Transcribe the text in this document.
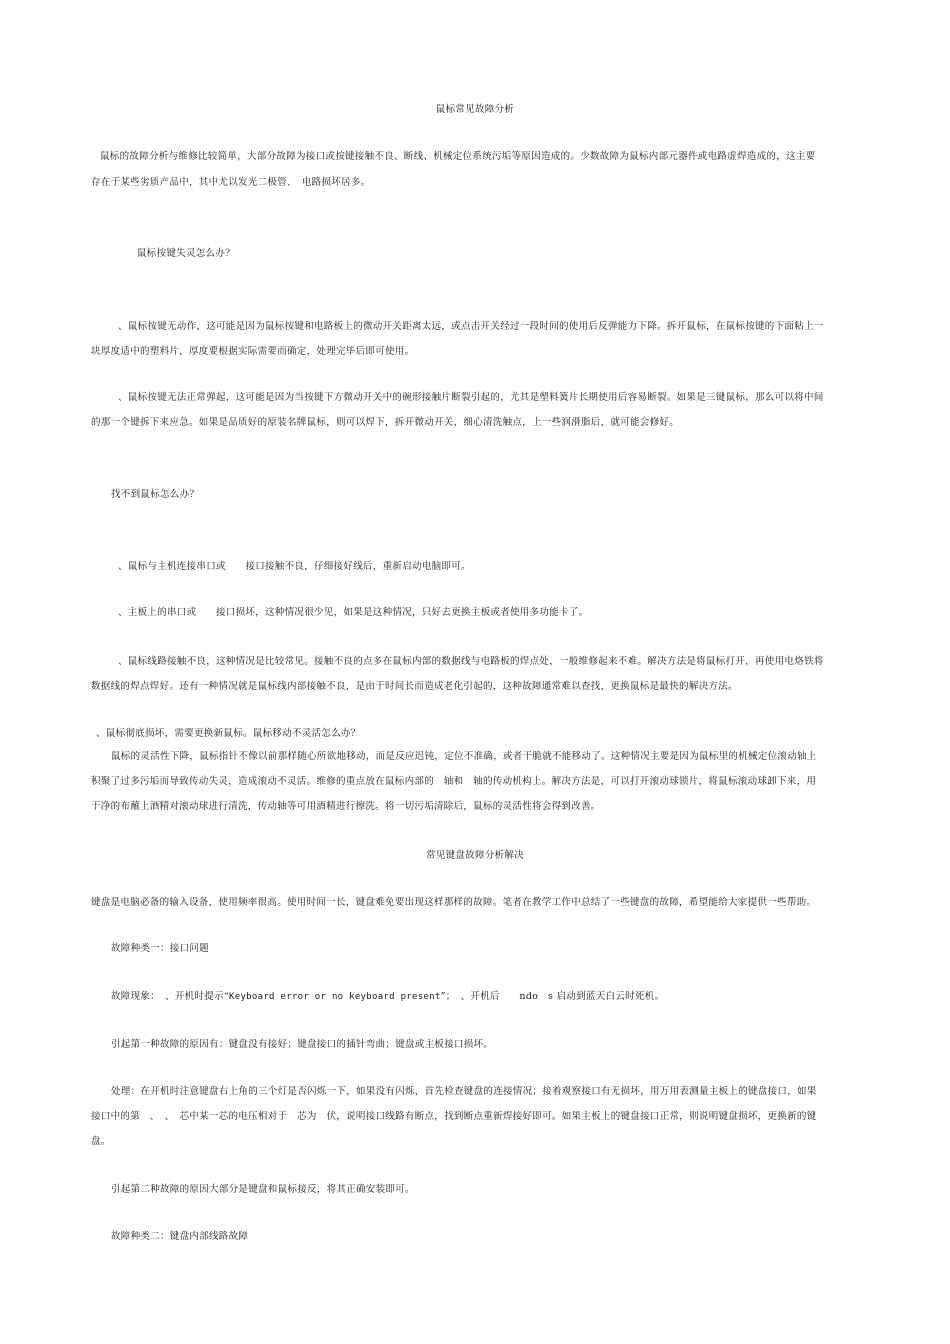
鼠标常见故障分析
鼠标的故障分析与维修比较简单，大部分故障为接口或按键接触不良、断线、机械定位系统污垢等原因造成的。少数故障为鼠标内部元器件或电路虚焊造成的，这主要
存在于某些劣质产品中，其中尤以发光二极管、　电路损坏居多。
鼠标按键失灵怎么办？
、鼠标按键无动作，这可能是因为鼠标按键和电路板上的微动开关距离太远，或点击开关经过一段时间的使用后反弹能力下降。拆开鼠标，在鼠标按键的下面粘上一
块厚度适中的塑料片，厚度要根据实际需要而确定，处理完毕后即可使用。
、鼠标按键无法正常弹起，这可能是因为当按键下方微动开关中的碗形接触片断裂引起的，尤其是塑料簧片长期使用后容易断裂。如果是三键鼠标，那么可以将中间
的那一个键拆下来应急。如果是品质好的原装名牌鼠标，则可以焊下，拆开微动开关，细心清洗触点，上一些润滑脂后，就可能会修好。
找不到鼠标怎么办？
、鼠标与主机连接串口或　　接口接触不良，仔细接好线后，重新启动电脑即可。
、主板上的串口或　　接口损坏，这种情况很少见，如果是这种情况，只好去更换主板或者使用多功能卡了。
、鼠标线路接触不良，这种情况是比较常见。接触不良的点多在鼠标内部的数据线与电路板的焊点处，一般维修起来不难。解决方法是将鼠标打开，再使用电烙铁将
数据线的焊点焊好。还有一种情况就是鼠标线内部接触不良，是由于时间长而造成老化引起的，这种故障通常难以查找，更换鼠标是最快的解决方法。
、鼠标彻底损坏，需要更换新鼠标。鼠标移动不灵活怎么办？
鼠标的灵活性下降，鼠标指针不像以前那样随心所欲地移动，而是反应迟钝，定位不准确，或者干脆就不能移动了。这种情况主要是因为鼠标里的机械定位滚动轴上
积聚了过多污垢而导致传动失灵，造成滚动不灵活。维修的重点放在鼠标内部的　轴和　轴的传动机构上。解决方法是，可以打开滚动球锁片，将鼠标滚动球卸下来，用
干净的布蘸上酒精对滚动球进行清洗，传动轴等可用酒精进行擦洗。将一切污垢清除后，鼠标的灵活性将会得到改善。
常见键盘故障分析解决
键盘是电脑必备的输入设备，使用频率很高。使用时间一长，键盘难免要出现这样那样的故障。笔者在教学工作中总结了一些键盘的故障，希望能给大家提供一些帮助。
故障种类一：接口问题
故障现象：　、开机时提示“Keyboard error or no keyboard present”；　、开机后　　ndo　s 启动到蓝天白云时死机。
引起第一种故障的原因有：键盘没有接好；键盘接口的插针弯曲；键盘或主板接口损坏。
处理：在开机时注意键盘右上角的三个灯是否闪烁一下，如果没有闪烁，首先检查键盘的连接情况；接着观察接口有无损坏，用万用表测量主板上的键盘接口，如果
接口中的第　、　、　芯中某一芯的电压相对于　芯为　伏，说明接口线路有断点，找到断点重新焊接好即可。如果主板上的键盘接口正常，则说明键盘损坏，更换新的键
盘。
引起第二种故障的原因大部分是键盘和鼠标接反，将其正确安装即可。
故障种类二：键盘内部线路故障
